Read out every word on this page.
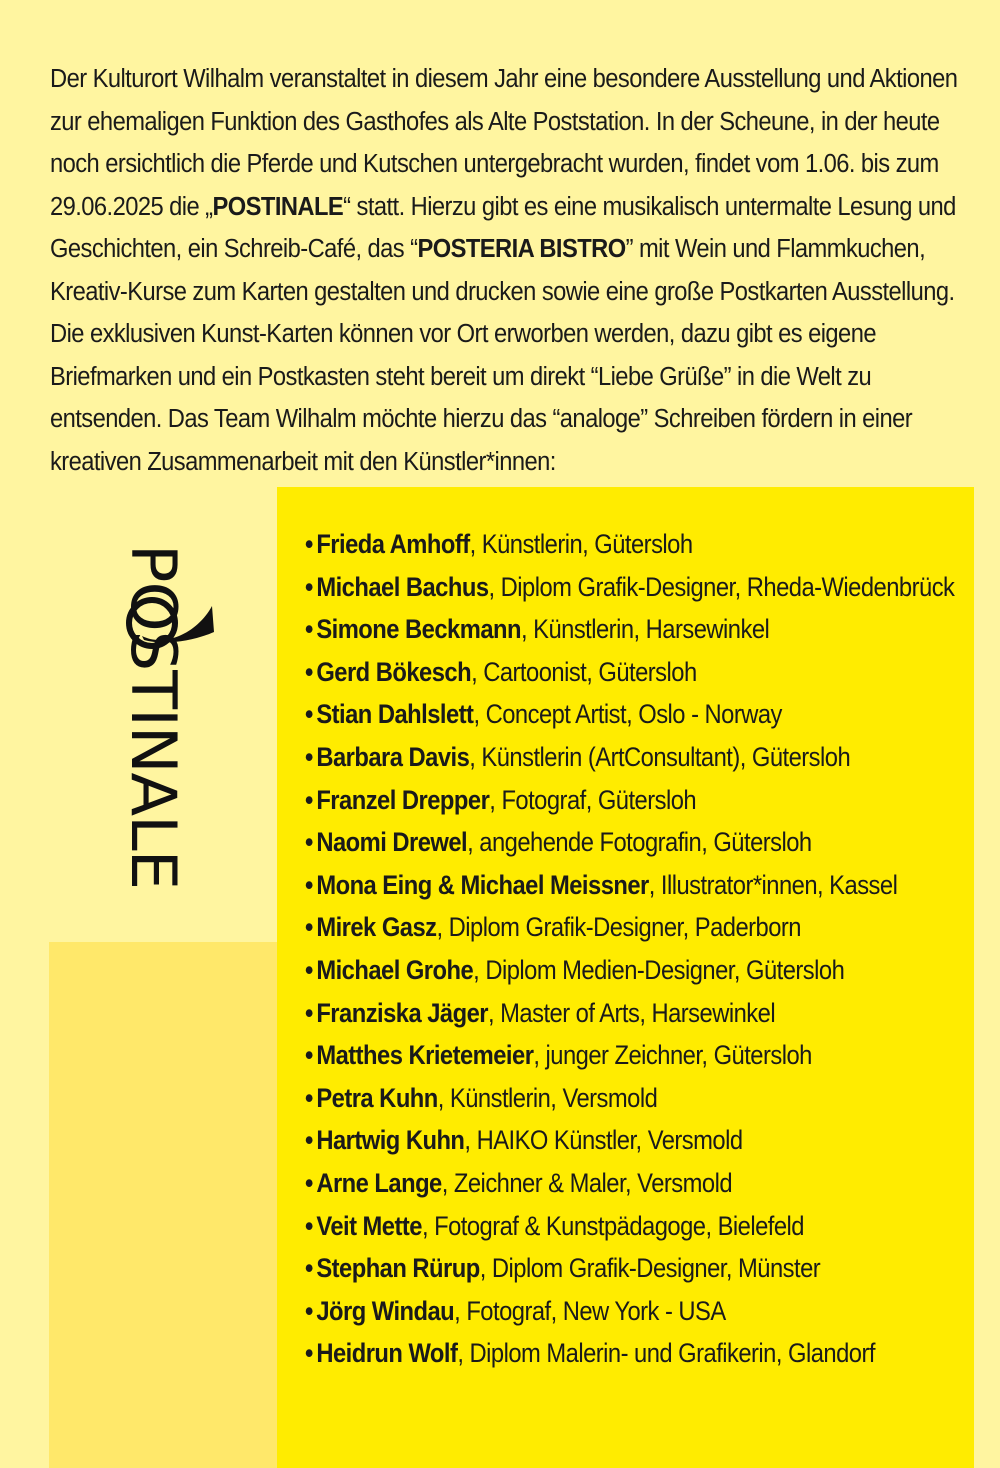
Der Kulturort Wilhalm veranstaltet in diesem Jahr eine besondere Ausstellung und Aktionen zur ehemaligen Funktion des Gasthofes als Alte Poststation. In der Scheune, in der heute noch ersichtlich die Pferde und Kutschen untergebracht wurden, findet vom 1.06. bis zum 29.06.2025 die „POSTINALE“ statt. Hierzu gibt es eine musikalisch untermalte Lesung und Geschichten, ein Schreib-Café, das “POSTERIA BISTRO” mit Wein und Flammkuchen, Kreativ-Kurse zum Karten gestalten und drucken sowie eine große Postkarten Ausstellung. Die exklusiven Kunst-Karten können vor Ort erworben werden, dazu gibt es eigene Briefmarken und ein Postkasten steht bereit um direkt “Liebe Grüße” in die Welt zu entsenden. Das Team Wilhalm möchte hierzu das “analoge” Schreiben fördern in einer kreativen Zusammenarbeit mit den Künstler*innen:

POSTINALE	• Frieda Amhoff, Künstlerin, Gütersloh
• Michael Bachus, Diplom Grafik-Designer, Rheda-Wiedenbrück
• Simone Beckmann, Künstlerin, Harsewinkel
• Gerd Bökesch, Cartoonist, Gütersloh
• Stian Dahlslett, Concept Artist, Oslo - Norway
• Barbara Davis, Künstlerin (ArtConsultant), Gütersloh
• Franzel Drepper, Fotograf, Gütersloh
• Naomi Drewel, angehende Fotografin, Gütersloh
• Mona Eing & Michael Meissner, Illustrator*innen, Kassel
• Mirek Gasz, Diplom Grafik-Designer, Paderborn
• Michael Grohe, Diplom Medien-Designer, Gütersloh
• Franziska Jäger, Master of Arts, Harsewinkel
• Matthes Krietemeier, junger Zeichner, Gütersloh
• Petra Kuhn, Künstlerin, Versmold
• Hartwig Kuhn, HAIKO Künstler, Versmold
• Arne Lange, Zeichner & Maler, Versmold
• Veit Mette, Fotograf & Kunstpädagoge, Bielefeld
• Stephan Rürup, Diplom Grafik-Designer, Münster
• Jörg Windau, Fotograf, New York - USA
• Heidrun Wolf, Diplom Malerin- und Grafikerin, Glandorf
